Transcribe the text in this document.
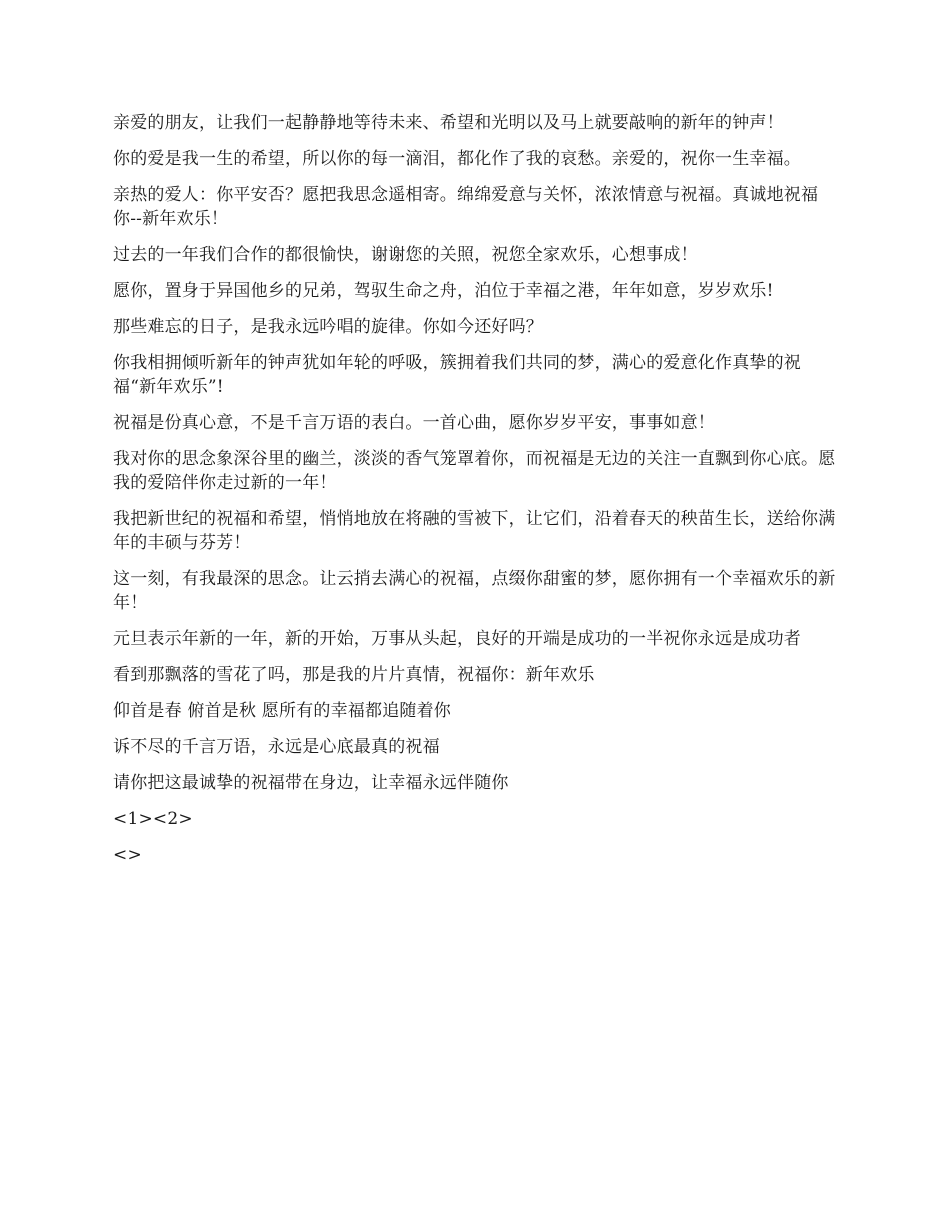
亲爱的朋友，让我们一起静静地等待未来、希望和光明以及马上就要敲响的新年的钟声！

你的爱是我一生的希望，所以你的每一滴泪，都化作了我的哀愁。亲爱的，祝你一生幸福。

亲热的爱人：你平安否？愿把我思念遥相寄。绵绵爱意与关怀，浓浓情意与祝福。真诚地祝福你--新年欢乐！

过去的一年我们合作的都很愉快，谢谢您的关照，祝您全家欢乐，心想事成！

愿你，置身于异国他乡的兄弟，驾驭生命之舟，泊位于幸福之港，年年如意，岁岁欢乐!

那些难忘的日子，是我永远吟唱的旋律。你如今还好吗？

你我相拥倾听新年的钟声犹如年轮的呼吸，簇拥着我们共同的梦，满心的爱意化作真挚的祝福“新年欢乐”!

祝福是份真心意，不是千言万语的表白。一首心曲，愿你岁岁平安，事事如意！

我对你的思念象深谷里的幽兰，淡淡的香气笼罩着你，而祝福是无边的关注一直飘到你心底。愿我的爱陪伴你走过新的一年！

我把新世纪的祝福和希望，悄悄地放在将融的雪被下，让它们，沿着春天的秧苗生长，送给你满年的丰硕与芬芳！

这一刻，有我最深的思念。让云捎去满心的祝福，点缀你甜蜜的梦，愿你拥有一个幸福欢乐的新年！

元旦表示年新的一年，新的开始，万事从头起，良好的开端是成功的一半祝你永远是成功者

看到那飘落的雪花了吗，那是我的片片真情，祝福你：新年欢乐

仰首是春 俯首是秋 愿所有的幸福都追随着你

诉不尽的千言万语，永远是心底最真的祝福

请你把这最诚挚的祝福带在身边，让幸福永远伴随你

<1><2>

<>
